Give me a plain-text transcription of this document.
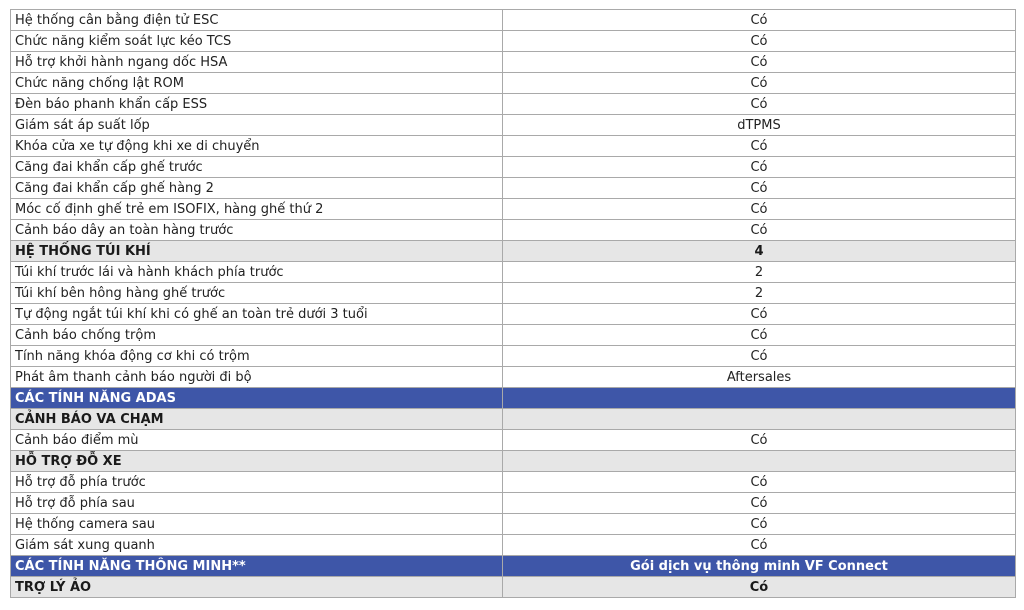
Hệ thống cân bằng điện tử ESC	Có
Chức năng kiểm soát lực kéo TCS	Có
Hỗ trợ khởi hành ngang dốc HSA	Có
Chức năng chống lật ROM	Có
Đèn báo phanh khẩn cấp ESS	Có
Giám sát áp suất lốp	dTPMS
Khóa cửa xe tự động khi xe di chuyển	Có
Căng đai khẩn cấp ghế trước	Có
Căng đai khẩn cấp ghế hàng 2	Có
Móc cố định ghế trẻ em ISOFIX, hàng ghế thứ 2	Có
Cảnh báo dây an toàn hàng trước	Có
HỆ THỐNG TÚI KHÍ	4
Túi khí trước lái và hành khách phía trước	2
Túi khí bên hông hàng ghế trước	2
Tự động ngắt túi khí khi có ghế an toàn trẻ dưới 3 tuổi	Có
Cảnh báo chống trộm	Có
Tính năng khóa động cơ khi có trộm	Có
Phát âm thanh cảnh báo người đi bộ	Aftersales
CÁC TÍNH NĂNG ADAS	
CẢNH BÁO VA CHẠM	
Cảnh báo điểm mù	Có
HỖ TRỢ ĐỖ XE	
Hỗ trợ đỗ phía trước	Có
Hỗ trợ đỗ phía sau	Có
Hệ thống camera sau	Có
Giám sát xung quanh	Có
CÁC TÍNH NĂNG THÔNG MINH**	Gói dịch vụ thông minh VF Connect
TRỢ LÝ ẢO	Có
